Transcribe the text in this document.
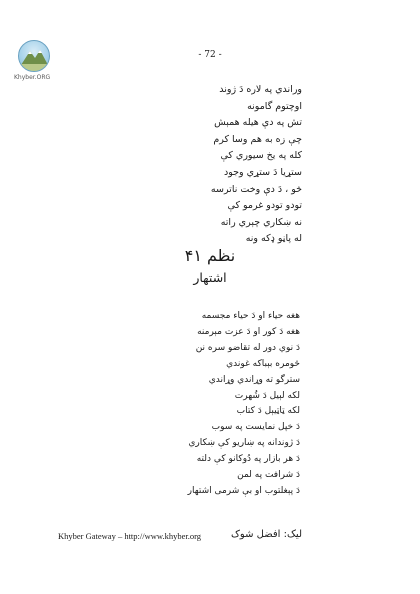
Khyber.ORG
- 72 -
وراندي په لاره دَ ژوند
اوچتوم گامونه
تش په دې هيله همېش
چې زه به هم وسا کرم
کله په يخ سيوري کې
ستړيا دَ ستړي وجود
څو ، دَ دې وخت ناترسه
تودو تودو غرمو کې
نه ښکاري چېري راته
له پاڼو ډکه ونه
نظم ۴۱
اشتهار
هغه حياء او دَ حياء مجسمه
هغه دَ کور او دَ عزت مېرمنه
دَ نوي دور له تقاضو سره نن
څومره بېباکه غوندي
سترگو ته وړاندي وړاندي
لکه لېيل دَ شُهرت
لکه ټاټيېل دَ کتاب
دَ خپل نمايست په سوب
دَ ژوندانه په ښاريو کې ښکاري
دَ هر بازار په دُوکانو کې دلته
دَ شرافت په لمن
دَ پېغلتوب او بې شرمی اشتهار
Khyber Gateway – http://www.khyber.org	ليک: افضل شوک
